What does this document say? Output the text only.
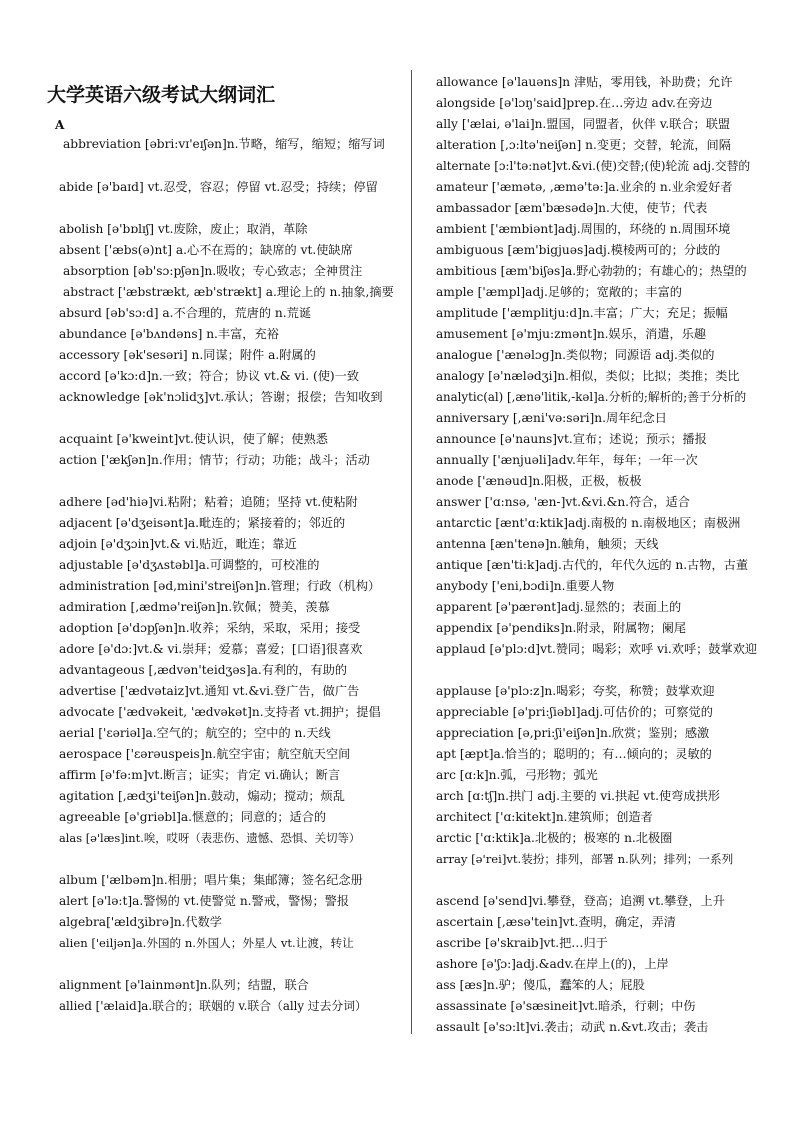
大学英语六级考试大纲词汇
A
abbreviation [əbri:vɪ'eɪʃən]n.节略，缩写，缩短；缩写词
abide [ə'baɪd] vt.忍受，容忍；停留 vt.忍受；持续；停留
abolish [ə'bɒlɪʃ] vt.废除，废止；取消，革除
absent ['æbs(ə)nt] a.心不在焉的；缺席的 vt.使缺席
absorption [əb'sɔ:pʃən]n.吸收；专心致志；全神贯注
abstract ['æbstrækt, æb'strækt] a.理论上的 n.抽象,摘要
absurd [əb'sɔ:d] a.不合理的，荒唐的 n.荒诞
abundance [ə'bʌndəns] n.丰富，充裕
accessory [ək'sesəri] n.同谋；附件 a.附属的
accord [ə'kɔ:d]n.一致；符合；协议 vt.& vi. (使)一致
acknowledge [ək'nɔlidʒ]vt.承认；答谢；报偿；告知收到
acquaint [ə'kweint]vt.使认识，使了解；使熟悉
action ['ækʃən]n.作用；情节；行动；功能；战斗；活动
adhere [əd'hiə]vi.粘附；粘着；追随；坚持 vt.使粘附
adjacent [ə'dʒeisənt]a.毗连的；紧接着的；邻近的
adjoin [ə'dʒɔin]vt.& vi.贴近，毗连；靠近
adjustable [ə'dʒʌstəbl]a.可调整的，可校准的
administration [əd,mini'streiʃən]n.管理；行政（机构）
admiration [,ædmə'reiʃən]n.钦佩；赞美，羡慕
adoption [ə'dɔpʃən]n.收养；采纳，采取，采用；接受
adore [ə'dɔ:]vt.& vi.崇拜；爱慕；喜爱；[口语]很喜欢
advantageous [,ædvən'teidʒəs]a.有利的，有助的
advertise ['ædvətaiz]vt.通知 vt.&vi.登广告，做广告
advocate ['ædvəkeit, 'ædvəkət]n.支持者 vt.拥护；提倡
aerial ['ɛəriəl]a.空气的；航空的；空中的 n.天线
aerospace ['ɛərəuspeis]n.航空宇宙；航空航天空间
affirm [ə'fə:m]vt.断言；证实；肯定 vi.确认；断言
agitation [,ædʒi'teiʃən]n.鼓动，煽动；搅动；烦乱
agreeable [ə'griəbl]a.惬意的；同意的；适合的
alas [ə'læs]int.唉，哎呀（表悲伤、遗憾、恐惧、关切等）
album ['ælbəm]n.相册；唱片集；集邮簿；签名纪念册
alert [ə'lə:t]a.警惕的 vt.使警觉 n.警戒，警惕；警报
algebra['ældʒibrə]n.代数学
alien ['eiljən]a.外国的 n.外国人；外星人 vt.让渡，转让
alignment [ə'lainmənt]n.队列；结盟，联合
allied ['ælaid]a.联合的；联姻的 v.联合（ally 过去分词）
allowance [ə'lauəns]n 津贴，零用钱，补助费；允许
alongside [ə'lɔŋ'said]prep.在…旁边 adv.在旁边
ally ['ælai, ə'lai]n.盟国，同盟者，伙伴 v.联合；联盟
alteration [,ɔ:ltə'neiʃən] n.变更；交替，轮流，间隔
alternate [ɔ:l'tə:nət]vt.&vi.(使)交替;(使)轮流 adj.交替的
amateur ['æmətə, ,æmə'tə:]a.业余的 n.业余爱好者
ambassador [æm'bæsədə]n.大使，使节；代表
ambient ['æmbiənt]adj.周围的，环绕的 n.周围环境
ambiguous [æm'bigjuəs]adj.模棱两可的；分歧的
ambitious [æm'biʃəs]a.野心勃勃的；有雄心的；热望的
ample ['æmpl]adj.足够的；宽敞的；丰富的
amplitude ['æmplitju:d]n.丰富；广大；充足；振幅
amusement [ə'mju:zmənt]n.娱乐，消遣，乐趣
analogue ['ænəlɔg]n.类似物；同源语 adj.类似的
analogy [ə'nælədʒi]n.相似，类似；比拟；类推；类比
analytic(al) [,ænə'litik,-kəl]a.分析的;解析的;善于分析的
anniversary [,æni'və:səri]n.周年纪念日
announce [ə'nauns]vt.宣布；述说；预示；播报
annually ['ænjuəli]adv.年年，每年；一年一次
anode ['ænəud]n.阳极，正极，板极
answer ['ɑ:nsə, 'æn-]vt.&vi.&n.符合，适合
antarctic [ænt'ɑ:ktik]adj.南极的 n.南极地区；南极洲
antenna [æn'tenə]n.触角，触须；天线
antique [æn'ti:k]adj.古代的，年代久远的 n.古物，古董
anybody ['eni,bɔdi]n.重要人物
apparent [ə'pærənt]adj.显然的；表面上的
appendix [ə'pendiks]n.附录，附属物；阑尾
applaud [ə'plɔ:d]vt.赞同；喝彩；欢呼 vi.欢呼；鼓掌欢迎
applause [ə'plɔ:z]n.喝彩；夸奖，称赞；鼓掌欢迎
appreciable [ə'pri:ʃiəbl]adj.可估价的；可察觉的
appreciation [ə,pri:ʃi'eiʃən]n.欣赏；鉴别；感激
apt [æpt]a.恰当的；聪明的；有…倾向的；灵敏的
arc [ɑ:k]n.弧，弓形物；弧光
arch [ɑ:tʃ]n.拱门 adj.主要的 vi.拱起 vt.使弯成拱形
architect ['ɑ:kitekt]n.建筑师；创造者
arctic ['ɑ:ktik]a.北极的；极寒的 n.北极圈
array [ə'rei]vt.装扮；排列，部署 n.队列；排列；一系列
ascend [ə'send]vi.攀登，登高；追溯 vt.攀登，上升
ascertain [,æsə'tein]vt.查明，确定，弄清
ascribe [ə'skraib]vt.把…归于
ashore [ə'ʃɔ:]adj.&adv.在岸上(的)，上岸
ass [æs]n.驴；傻瓜，蠢笨的人；屁股
assassinate [ə'sæsineit]vt.暗杀，行刺；中伤
assault [ə'sɔ:lt]vi.袭击；动武 n.&vt.攻击；袭击
